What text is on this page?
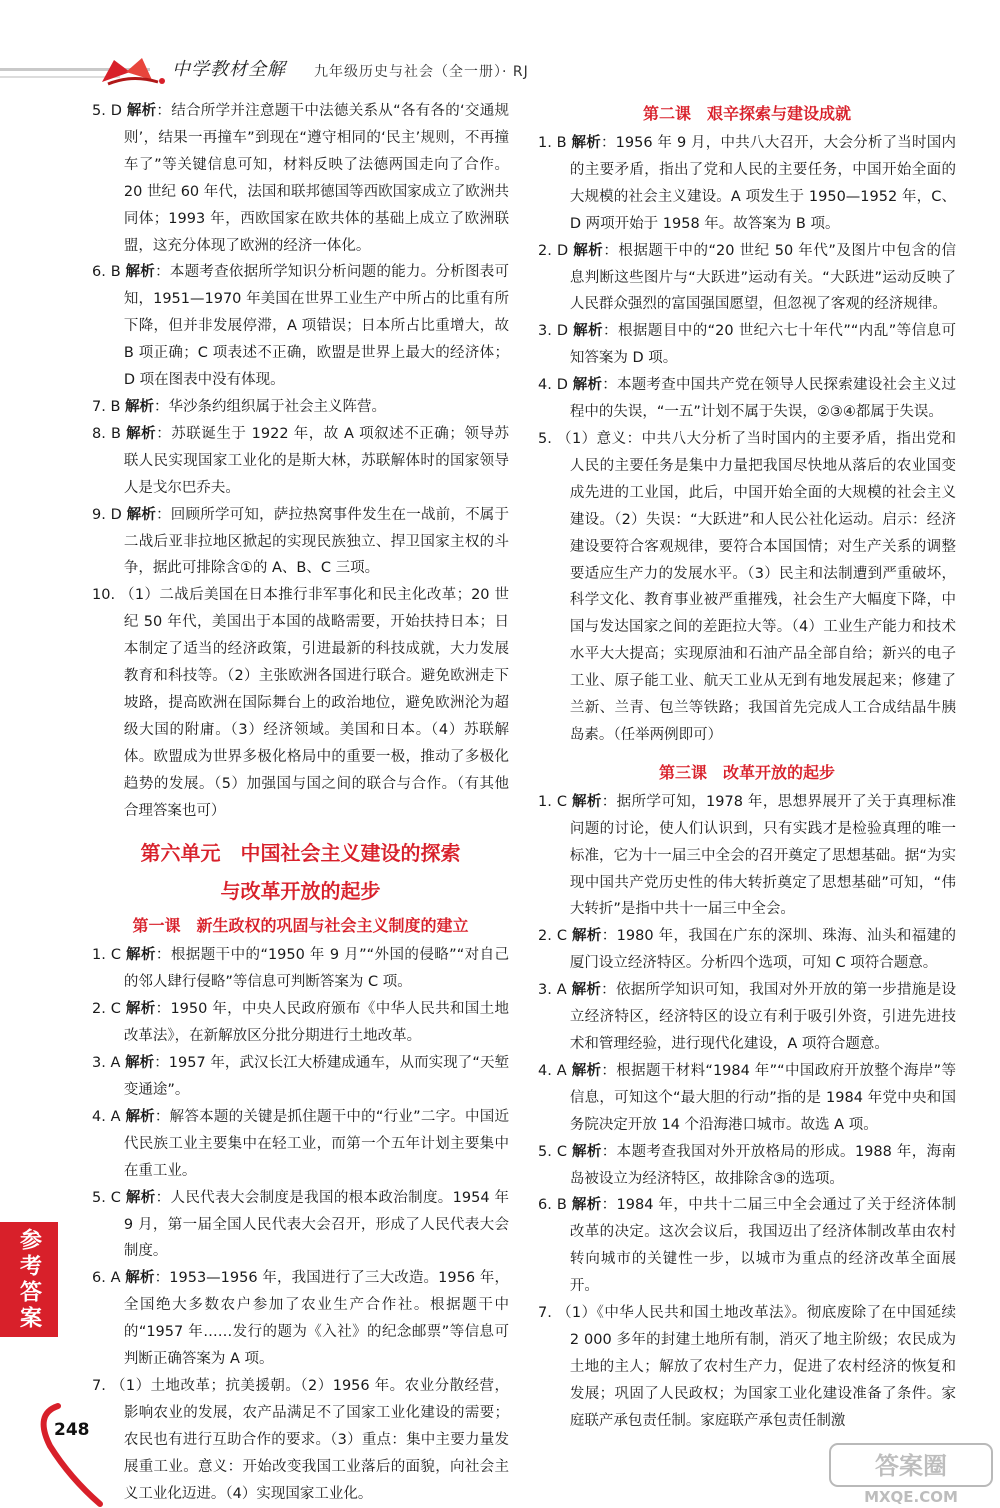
中学教材全解 九年级历史与社会（全一册）· RJ

5. D 解析：结合所学并注意题干中法德关系从“各有各的‘交通规则’，结果一再撞车”到现在“遵守相同的‘民主’规则，不再撞车了”等关键信息可知，材料反映了法德两国走向了合作。20 世纪 60 年代，法国和联邦德国等西欧国家成立了欧洲共同体；1993 年，西欧国家在欧共体的基础上成立了欧洲联盟，这充分体现了欧洲的经济一体化。

6. B 解析：本题考查依据所学知识分析问题的能力。分析图表可知，1951—1970 年美国在世界工业生产中所占的比重有所下降，但并非发展停滞，A 项错误；日本所占比重增大，故 B 项正确；C 项表述不正确，欧盟是世界上最大的经济体；D 项在图表中没有体现。

7. B 解析：华沙条约组织属于社会主义阵营。

8. B 解析：苏联诞生于 1922 年，故 A 项叙述不正确；领导苏联人民实现国家工业化的是斯大林，苏联解体时的国家领导人是戈尔巴乔夫。

9. D 解析：回顾所学可知，萨拉热窝事件发生在一战前，不属于二战后亚非拉地区掀起的实现民族独立、捍卫国家主权的斗争，据此可排除含①的 A、B、C 三项。

10. （1）二战后美国在日本推行非军事化和民主化改革；20 世纪 50 年代，美国出于本国的战略需要，开始扶持日本；日本制定了适当的经济政策，引进最新的科技成就，大力发展教育和科技等。（2）主张欧洲各国进行联合。避免欧洲走下坡路，提高欧洲在国际舞台上的政治地位，避免欧洲沦为超级大国的附庸。（3）经济领域。美国和日本。（4）苏联解体。欧盟成为世界多极化格局中的重要一极，推动了多极化趋势的发展。（5）加强国与国之间的联合与合作。（有其他合理答案也可）

第六单元　中国社会主义建设的探索
与改革开放的起步
第一课　新生政权的巩固与社会主义制度的建立

1. C 解析：根据题干中的“1950 年 9 月”“外国的侵略”“对自己的邻人肆行侵略”等信息可判断答案为 C 项。

2. C 解析：1950 年，中央人民政府颁布《中华人民共和国土地改革法》，在新解放区分批分期进行土地改革。

3. A 解析：1957 年，武汉长江大桥建成通车，从而实现了“天堑变通途”。

4. A 解析：解答本题的关键是抓住题干中的“行业”二字。中国近代民族工业主要集中在轻工业，而第一个五年计划主要集中在重工业。

5. C 解析：人民代表大会制度是我国的根本政治制度。1954 年 9 月，第一届全国人民代表大会召开，形成了人民代表大会制度。

6. A 解析：1953—1956 年，我国进行了三大改造。1956 年，全国绝大多数农户参加了农业生产合作社。根据题干中的“1957 年……发行的题为《入社》的纪念邮票”等信息可判断正确答案为 A 项。

7. （1）土地改革；抗美援朝。（2）1956 年。农业分散经营，影响农业的发展，农产品满足不了国家工业化建设的需要；农民也有进行互助合作的要求。（3）重点：集中主要力量发展重工业。意义：开始改变我国工业落后的面貌，向社会主义工业化迈进。（4）实现国家工业化。

第二课　艰辛探索与建设成就

1. B 解析：1956 年 9 月，中共八大召开，大会分析了当时国内的主要矛盾，指出了党和人民的主要任务，中国开始全面的大规模的社会主义建设。A 项发生于 1950—1952 年，C、D 两项开始于 1958 年。故答案为 B 项。

2. D 解析：根据题干中的“20 世纪 50 年代”及图片中包含的信息判断这些图片与“大跃进”运动有关。“大跃进”运动反映了人民群众强烈的富国强国愿望，但忽视了客观的经济规律。

3. D 解析：根据题目中的“20 世纪六七十年代”“内乱”等信息可知答案为 D 项。

4. D 解析：本题考查中国共产党在领导人民探索建设社会主义过程中的失误，“一五”计划不属于失误，②③④都属于失误。

5. （1）意义：中共八大分析了当时国内的主要矛盾，指出党和人民的主要任务是集中力量把我国尽快地从落后的农业国变成先进的工业国，此后，中国开始全面的大规模的社会主义建设。（2）失误：“大跃进”和人民公社化运动。启示：经济建设要符合客观规律，要符合本国国情；对生产关系的调整要适应生产力的发展水平。（3）民主和法制遭到严重破坏，科学文化、教育事业被严重摧残，社会生产大幅度下降，中国与发达国家之间的差距拉大等。（4）工业生产能力和技术水平大大提高；实现原油和石油产品全部自给；新兴的电子工业、原子能工业、航天工业从无到有地发展起来；修建了兰新、兰青、包兰等铁路；我国首先完成人工合成结晶牛胰岛素。（任举两例即可）

第三课　改革开放的起步

1. C 解析：据所学可知，1978 年，思想界展开了关于真理标准问题的讨论，使人们认识到，只有实践才是检验真理的唯一标准，它为十一届三中全会的召开奠定了思想基础。据“为实现中国共产党历史性的伟大转折奠定了思想基础”可知，“伟大转折”是指中共十一届三中全会。

2. C 解析：1980 年，我国在广东的深圳、珠海、汕头和福建的厦门设立经济特区。分析四个选项，可知 C 项符合题意。

3. A 解析：依据所学知识可知，我国对外开放的第一步措施是设立经济特区，经济特区的设立有利于吸引外资，引进先进技术和管理经验，进行现代化建设，A 项符合题意。

4. A 解析：根据题干材料“1984 年”“中国政府开放整个海岸”等信息，可知这个“最大胆的行动”指的是 1984 年党中央和国务院决定开放 14 个沿海港口城市。故选 A 项。

5. C 解析：本题考查我国对外开放格局的形成。1988 年，海南岛被设立为经济特区，故排除含③的选项。

6. B 解析：1984 年，中共十二届三中全会通过了关于经济体制改革的决定。这次会议后，我国迈出了经济体制改革由农村转向城市的关键性一步，以城市为重点的经济改革全面展开。

7. （1）《中华人民共和国土地改革法》。彻底废除了在中国延续 2 000 多年的封建土地所有制，消灭了地主阶级；农民成为土地的主人；解放了农村生产力，促进了农村经济的恢复和发展；巩固了人民政权；为国家工业化建设准备了条件。家庭联产承包责任制。家庭联产承包责任制激

参考答案
248
答案圈
MXQE.COM
